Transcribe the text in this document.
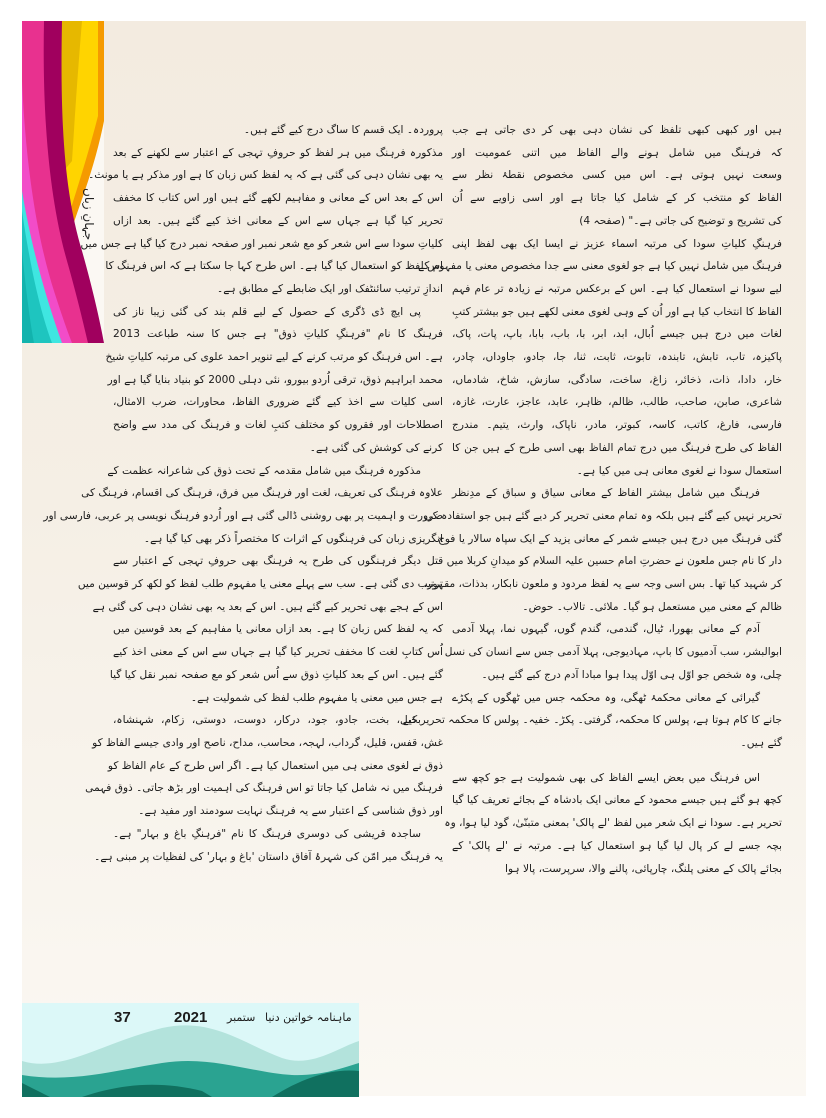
جہانِ زباں
ہیں اور کبھی کبھی تلفظ کی نشان دہی بھی کر دی جاتی ہے جب
کہ فرہنگ میں شامل ہونے والے الفاظ میں اتنی عمومیت اور
وسعت نہیں ہوتی ہے۔ اس میں کسی مخصوص نقطۂ نظر سے
الفاظ کو منتخب کر کے شامل کیا جاتا ہے اور اسی زاویے سے اُن
کی تشریح و توضیح کی جاتی ہے۔" (صفحہ 4)
فرہنگِ کلیاتِ سودا کی مرتبہ اسماء عزیز نے ایسا ایک بھی لفظ اپنی
فرہنگ میں شامل نہیں کیا ہے جو لغوی معنی سے جدا مخصوص معنی یا مفہوم کے
لیے سودا نے استعمال کیا ہے۔ اس کے برعکس مرتبہ نے زیادہ تر عام فہم
الفاظ کا انتخاب کیا ہے اور اُن کے وہی لغوی معنی لکھے ہیں جو بیشتر کتبِ
لغات میں درج ہیں جیسے اُبال، ابد، ابر، با، باب، بابا، باپ، پات، پاک،
پاکیزہ، تاب، تابش، تابندہ، تابوت، ثابت، ثنا، جا، جادو، جاوداں، چادر،
خار، دادا، ذات، ذخائر، زاغ، ساخت، سادگی، سازش، شاخ، شادماں،
شاعری، صابن، صاحب، طالب، ظالم، ظاہر، عابد، عاجز، عارت، غازہ،
فارسی، فارغ، کاتب، کاسہ، کبوتر، مادر، ناپاک، وارث، یتیم۔ مندرج
الفاظ کی طرح فرہنگ میں درج تمام الفاظ بھی اسی طرح کے ہیں جن کا
استعمال سودا نے لغوی معانی ہی میں کیا ہے۔
فرہنگ میں شامل بیشتر الفاظ کے معانی سیاق و سباق کے مدِنظر
تحریر نہیں کیے گئے ہیں بلکہ وہ تمام معنی تحریر کر دیے گئے ہیں جو استفادہ کی
گئی فرہنگ میں درج ہیں جیسے شمر کے معانی یزید کے ایک سپاہ سالار یا فوج
دار کا نام جس ملعون نے حضرتِ امام حسین علیہ السلام کو میدانِ کربلا میں قتل
کر شہید کیا تھا۔ بس اسی وجہ سے یہ لفظ مردود و ملعون نابکار، بدذات، مقہور،
ظالم کے معنی میں مستعمل ہو گیا۔ ملائی۔ تالاب۔ حوض۔
آدم کے معانی بھورا، ٹیال، گندمی، گندم گوں، گیہوں نما، پہلا آدمی
ابوالبشر، سب آدمیوں کا باپ، مہادیوجی، پہلا آدمی جس سے انسان کی نسل
چلی، وہ شخص جو اوّل ہی اوّل پیدا ہوا مبادا آدم درج کیے گئے ہیں۔
گیرائی کے معانی محکمۂ ٹھگی، وہ محکمہ جس میں ٹھگوں کے پکڑے
جانے کا کام ہوتا ہے، پولس کا محکمہ، گرفتی۔ پکڑ۔ خفیہ۔ پولس کا محکمہ تحریر کیے
گئے ہیں۔
اس فرہنگ میں بعض ایسے الفاظ کی بھی شمولیت ہے جو کچھ سے
کچھ ہو گئے ہیں جیسے محمود کے معانی ایک بادشاہ کے بجائے تعریف کیا گیا
تحریر ہے۔ سودا نے ایک شعر میں لفظ 'لے پالک' بمعنی متبنّیٰ، گود لیا ہوا، وہ
بچہ جسے لے کر پال لیا گیا ہو استعمال کیا ہے۔ مرتبہ نے 'لے پالک' کے
بجائے پالک کے معنی پلنگ، چارپائی، پالنے والا، سرپرست، پالا ہوا
پروردہ۔ ایک قسم کا ساگ درج کیے گئے ہیں۔
مذکورہ فرہنگ میں ہر لفظ کو حروفِ تہجی کے اعتبار سے لکھنے کے بعد
یہ بھی نشان دہی کی گئی ہے کہ یہ لفظ کس زبان کا ہے اور مذکر ہے یا مونث۔
اس کے بعد اس کے معانی و مفاہیم لکھے گئے ہیں اور اس کتاب کا مخفف
تحریر کیا گیا ہے جہاں سے اس کے معانی اخذ کیے گئے ہیں۔ بعد ازاں
کلیاتِ سودا سے اس شعر کو مع شعر نمبر اور صفحہ نمبر درج کیا گیا ہے جس میں
اس لفظ کو استعمال کیا گیا ہے۔ اس طرح کہا جا سکتا ہے کہ اس فرہنگ کا
اندازِ ترتیب سائنٹفک اور ایک ضابطے کے مطابق ہے۔
پی ایچ ڈی ڈگری کے حصول کے لیے قلم بند کی گئی زیبا ناز کی
فرہنگ کا نام "فرہنگِ کلیاتِ ذوق" ہے جس کا سنہ طباعت 2013
ہے۔ اس فرہنگ کو مرتب کرنے کے لیے تنویر احمد علوی کی مرتبہ کلیاتِ شیخ
محمد ابراہیم ذوق، ترقی اُردو بیورو، نئی دہلی 2000 کو بنیاد بنایا گیا ہے اور
اسی کلیات سے اخذ کیے گئے ضروری الفاظ، محاورات، ضرب الامثال،
اصطلاحات اور فقروں کو مختلف کتبِ لغات و فرہنگ کی مدد سے واضح
کرنے کی کوشش کی گئی ہے۔
مذکورہ فرہنگ میں شامل مقدمہ کے تحت ذوق کی شاعرانہ عظمت کے
علاوہ فرہنگ کی تعریف، لغت اور فرہنگ میں فرق، فرہنگ کی اقسام، فرہنگ کی
ضرورت و اہمیت پر بھی روشنی ڈالی گئی ہے اور اُردو فرہنگ نویسی پر عربی، فارسی اور
انگریزی زبان کی فرہنگوں کے اثرات کا مختصراً ذکر بھی کیا گیا ہے۔
دیگر فرہنگوں کی طرح یہ فرہنگ بھی حروفِ تہجی کے اعتبار سے
ترتیب دی گئی ہے۔ سب سے پہلے معنی یا مفہوم طلب لفظ کو لکھ کر قوسین میں
اس کے ہجے بھی تحریر کیے گئے ہیں۔ اس کے بعد یہ بھی نشان دہی کی گئی ہے
کہ یہ لفظ کس زبان کا ہے۔ بعد ازاں معانی یا مفاہیم کے بعد قوسین میں
اُس کتابِ لغت کا مخفف تحریر کیا گیا ہے جہاں سے اس کے معنی اخذ کیے
گئے ہیں۔ اس کے بعد کلیاتِ ذوق سے اُس شعر کو مع صفحہ نمبر نقل کیا گیا
ہے جس میں معنی یا مفہوم طلب لفظ کی شمولیت ہے۔
بخیل، بخت، جادو، جود، درکار، دوست، دوستی، زکام، شہنشاہ،
غش، قفس، قلیل، گرداب، لہجہ، محاسب، مداح، ناصح اور وادی جیسے الفاظ کو
ذوق نے لغوی معنی ہی میں استعمال کیا ہے۔ اگر اس طرح کے عام الفاظ کو
فرہنگ میں نہ شامل کیا جاتا تو اس فرہنگ کی اہمیت اور بڑھ جاتی۔ ذوق فہمی
اور ذوق شناسی کے اعتبار سے یہ فرہنگ نہایت سودمند اور مفید ہے۔
ساجدہ قریشی کی دوسری فرہنگ کا نام "فرہنگِ باغ و بہار" ہے۔
یہ فرہنگ میر امّن کی شہرۂ آفاق داستان 'باغ و بہار' کی لفظیات پر مبنی ہے۔
37	2021 ستمبر ماہنامہ خواتین دنیا
